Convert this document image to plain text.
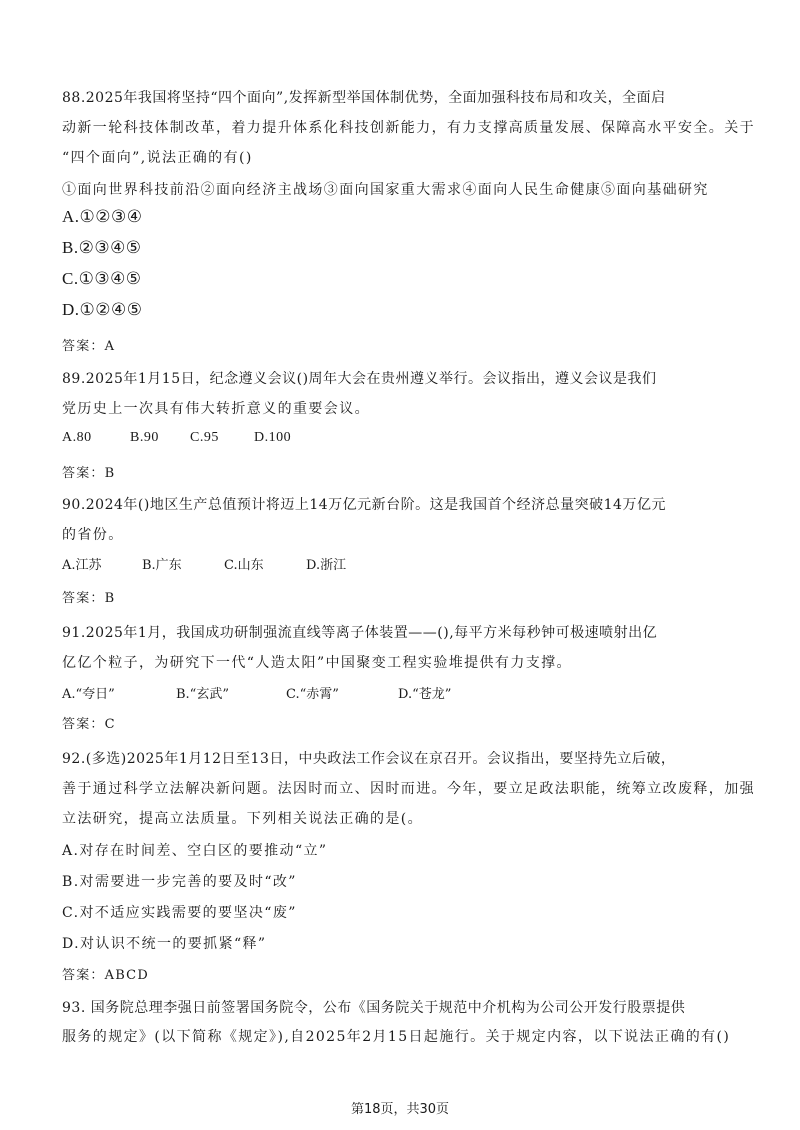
88.2025年我国将坚持“四个面向”,发挥新型举国体制优势，全面加强科技布局和攻关，全面启
动新一轮科技体制改革，着力提升体系化科技创新能力，有力支撑高质量发展、保障高水平安全。关于
“四个面向”,说法正确的有()
①面向世界科技前沿②面向经济主战场③面向国家重大需求④面向人民生命健康⑤面向基础研究
A.①②③④
B.②③④⑤
C.①③④⑤
D.①②④⑤
答案：A
89.2025年1月15日，纪念遵义会议()周年大会在贵州遵义举行。会议指出，遵义会议是我们
党历史上一次具有伟大转折意义的重要会议。
A.80	B.90 C.95	D.100
答案：B
90.2024年()地区生产总值预计将迈上14万亿元新台阶。这是我国首个经济总量突破14万亿元
的省份。
A.江苏	B.广东	C.山东	D.浙江
答案：B
91.2025年1月，我国成功研制强流直线等离子体装置——(),每平方米每秒钟可极速喷射出亿
亿亿个粒子，为研究下一代“人造太阳”中国聚变工程实验堆提供有力支撑。
A.“夸日”	B.“玄武”	C.“赤霄”	D.“苍龙”
答案：C
92.(多选)2025年1月12日至13日，中央政法工作会议在京召开。会议指出，要坚持先立后破，
善于通过科学立法解决新问题。法因时而立、因时而进。今年，要立足政法职能，统筹立改废释，加强
立法研究，提高立法质量。下列相关说法正确的是(。
A.对存在时间差、空白区的要推动“立”
B.对需要进一步完善的要及时“改”
C.对不适应实践需要的要坚决“废”
D.对认识不统一的要抓紧“释”
答案：ABCD
93. 国务院总理李强日前签署国务院令，公布《国务院关于规范中介机构为公司公开发行股票提供
服务的规定》(以下简称《规定》),自2025年2月15日起施行。关于规定内容，以下说法正确的有()
第18页，共30页
